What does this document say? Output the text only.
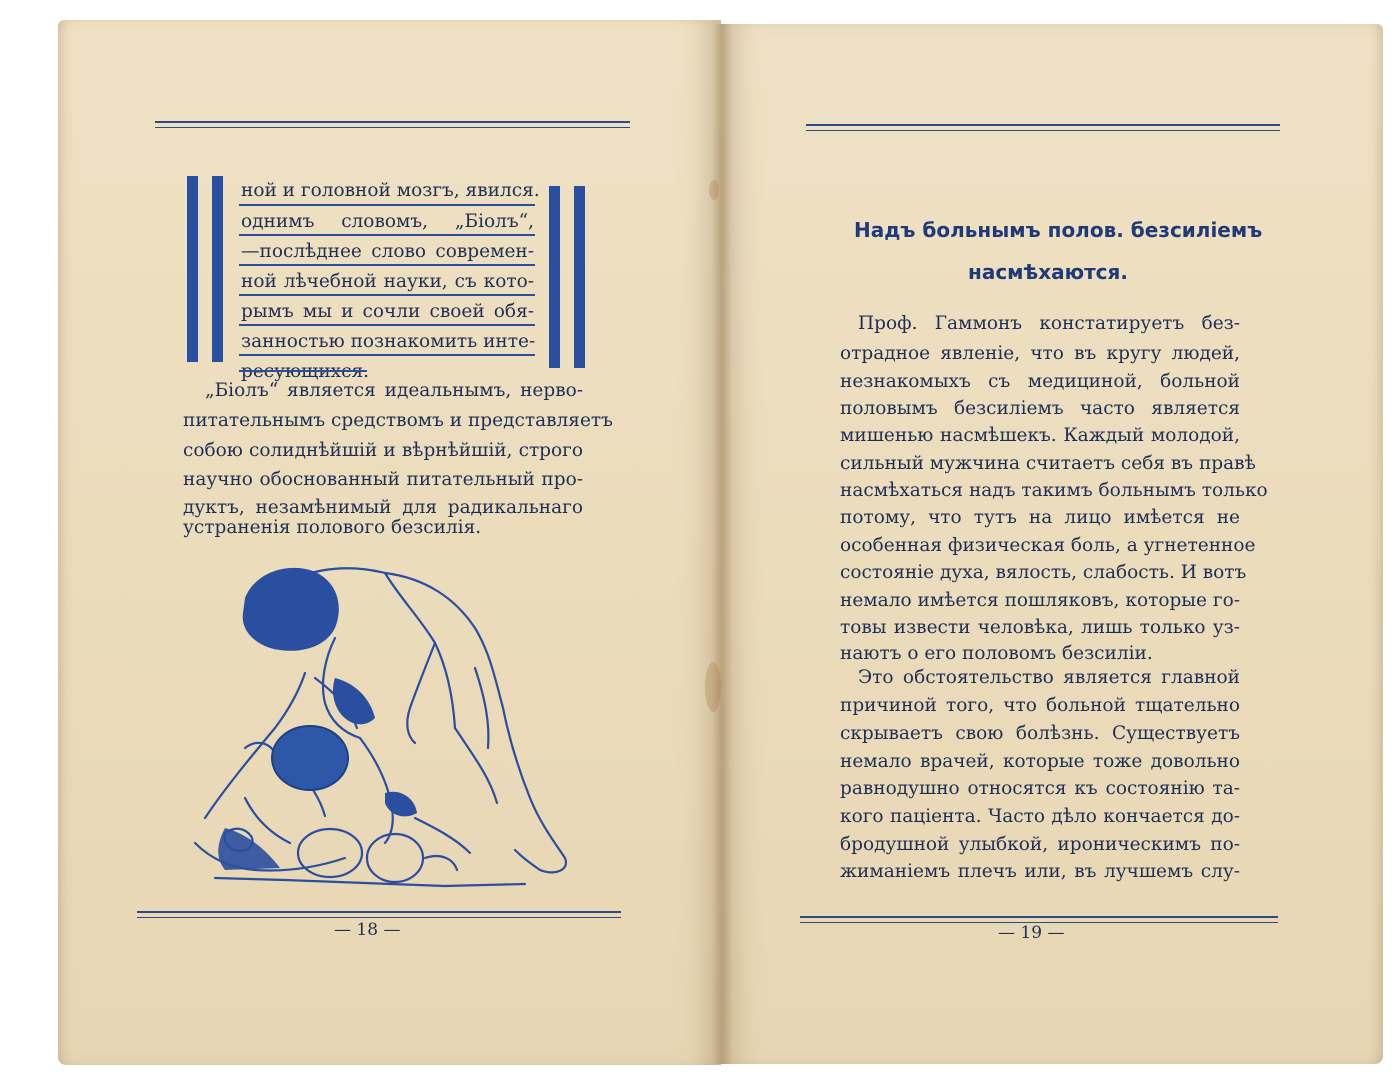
ной и головной мозгъ, явился.
однимъ словомъ, „Біолъ“,
—послѣднее слово современ-
ной лѣчебной науки, съ кото-
рымъ мы и сочли своей обя-
занностью познакомить инте-
ресующихся.
„Біолъ“ является идеальнымъ, нерво-
питательнымъ средствомъ и представляетъ
собою солиднѣйшій и вѣрнѣйшій, строго
научно обоснованный питательный про-
дуктъ, незамѣнимый для радикальнаго
устраненія полового безсилія.
— 18 —
Надъ больнымъ полов. безсиліемъ
насмѣхаются.
Проф. Гаммонъ констатируетъ без-
отрадное явленіе, что въ кругу людей,
незнакомыхъ съ медициной, больной
половымъ безсиліемъ часто является
мишенью насмѣшекъ. Каждый молодой,
сильный мужчина считаетъ себя въ правѣ
насмѣхаться надъ такимъ больнымъ только
потому, что тутъ на лицо имѣется не
особенная физическая боль, а угнетенное
состояніе духа, вялость, слабость. И вотъ
немало имѣется пошляковъ, которые го-
товы извести человѣка, лишь только уз-
наютъ о его половомъ безсиліи.
Это обстоятельство является главной
причиной того, что больной тщательно
скрываетъ свою болѣзнь. Существуетъ
немало врачей, которые тоже довольно
равнодушно относятся къ состоянію та-
кого пацiента. Часто дѣло кончается до-
бродушной улыбкой, ироническимъ по-
жиманіемъ плечъ или, въ лучшемъ слу-
— 19 —
